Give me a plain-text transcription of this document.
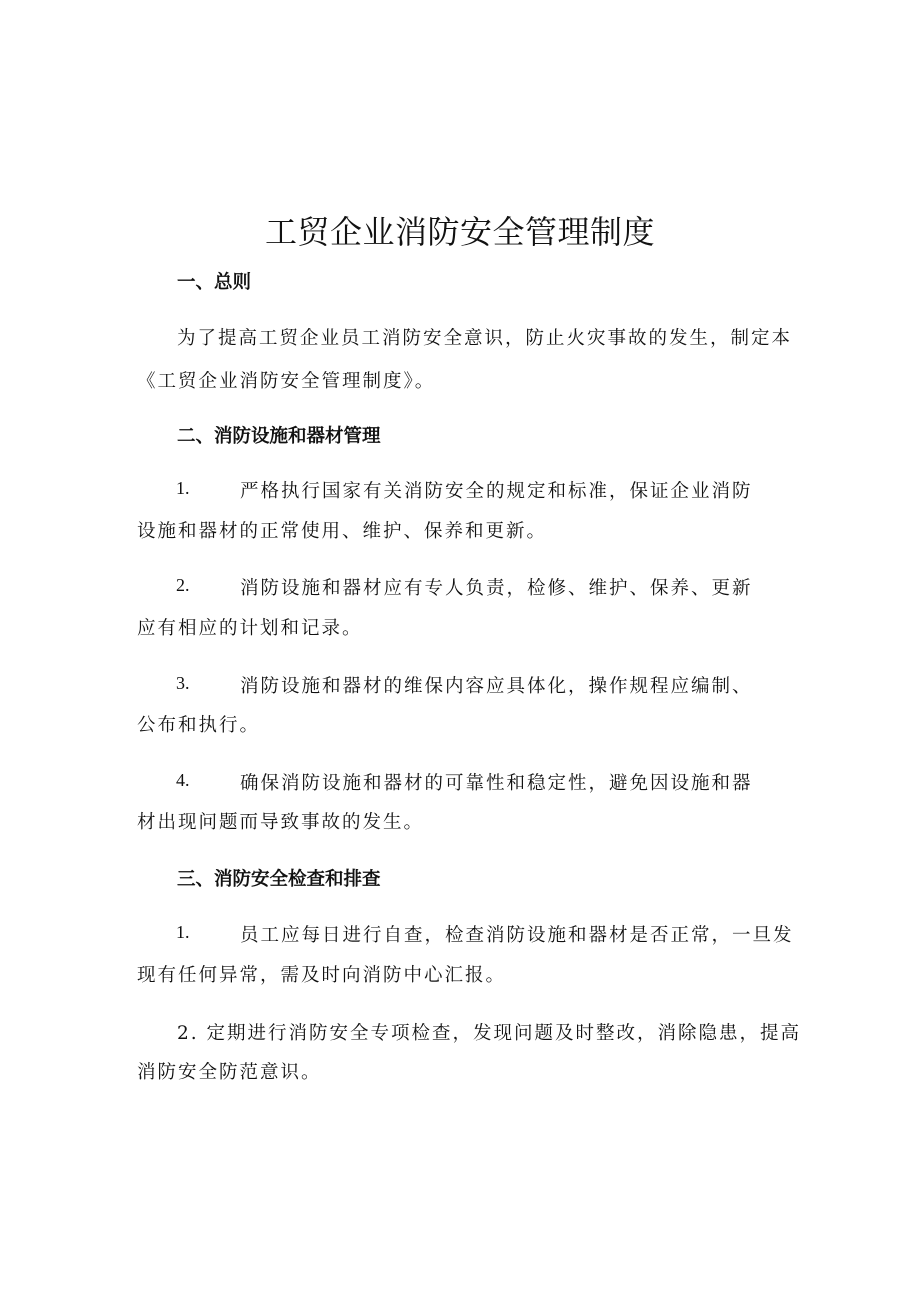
工贸企业消防安全管理制度
一、总则
为了提高工贸企业员工消防安全意识，防止火灾事故的发生，制定本
《工贸企业消防安全管理制度》。
二、消防设施和器材管理
1.	严格执行国家有关消防安全的规定和标准，保证企业消防
设施和器材的正常使用、维护、保养和更新。
2.	消防设施和器材应有专人负责，检修、维护、保养、更新
应有相应的计划和记录。
3.	消防设施和器材的维保内容应具体化，操作规程应编制、
公布和执行。
4.	确保消防设施和器材的可靠性和稳定性，避免因设施和器
材出现问题而导致事故的发生。
三、消防安全检查和排查
1.	员工应每日进行自查，检查消防设施和器材是否正常，一旦发
现有任何异常，需及时向消防中心汇报。
2. 定期进行消防安全专项检查，发现问题及时整改，消除隐患，提高
消防安全防范意识。
